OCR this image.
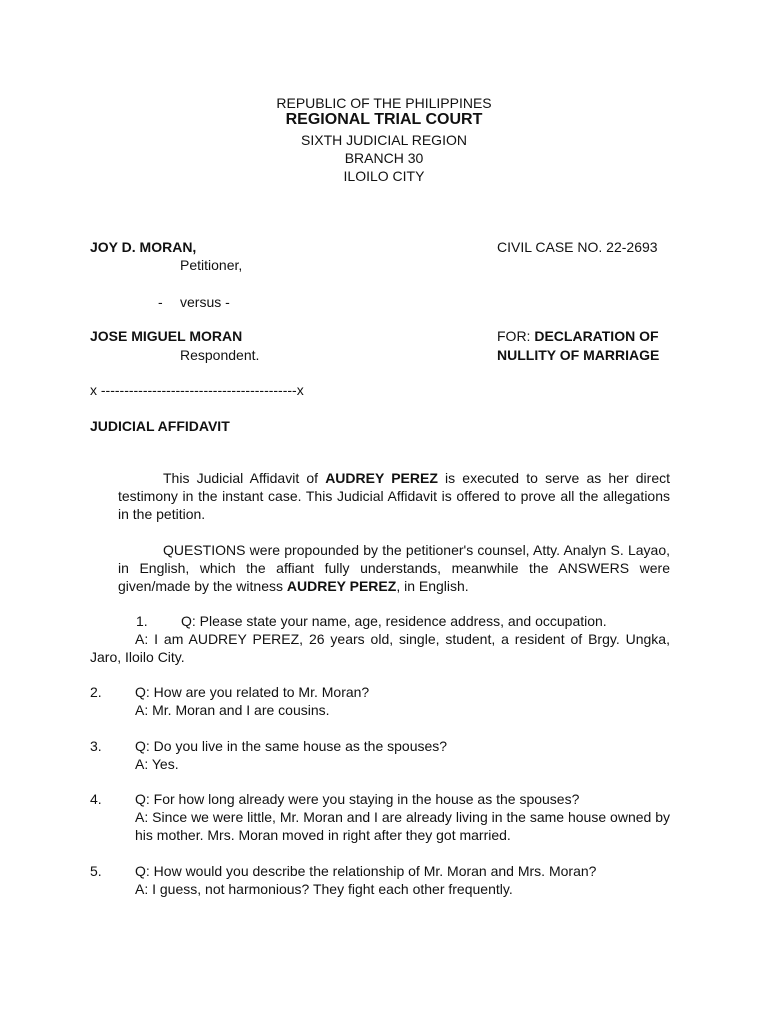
REPUBLIC OF THE PHILIPPINES
REGIONAL TRIAL COURT
SIXTH JUDICIAL REGION
BRANCH 30
ILOILO CITY
JOY D. MORAN,
Petitioner,
CIVIL CASE NO. 22-2693
- versus -
JOSE MIGUEL MORAN
Respondent.
FOR: DECLARATION OF
NULLITY OF MARRIAGE
x ------------------------------------------x
JUDICIAL AFFIDAVIT
This Judicial Affidavit of AUDREY PEREZ is executed to serve as her direct testimony in the instant case. This Judicial Affidavit is offered to prove all the allegations in the petition.
QUESTIONS were propounded by the petitioner's counsel, Atty. Analyn S. Layao, in English, which the affiant fully understands, meanwhile the ANSWERS were given/made by the witness AUDREY PEREZ, in English.
1. Q: Please state your name, age, residence address, and occupation.
A: I am AUDREY PEREZ, 26 years old, single, student, a resident of Brgy. Ungka, Jaro, Iloilo City.
2. Q: How are you related to Mr. Moran?
A: Mr. Moran and I are cousins.
3. Q: Do you live in the same house as the spouses?
A: Yes.
4. Q: For how long already were you staying in the house as the spouses?
A: Since we were little, Mr. Moran and I are already living in the same house owned by his mother. Mrs. Moran moved in right after they got married.
5. Q: How would you describe the relationship of Mr. Moran and Mrs. Moran?
A: I guess, not harmonious? They fight each other frequently.
